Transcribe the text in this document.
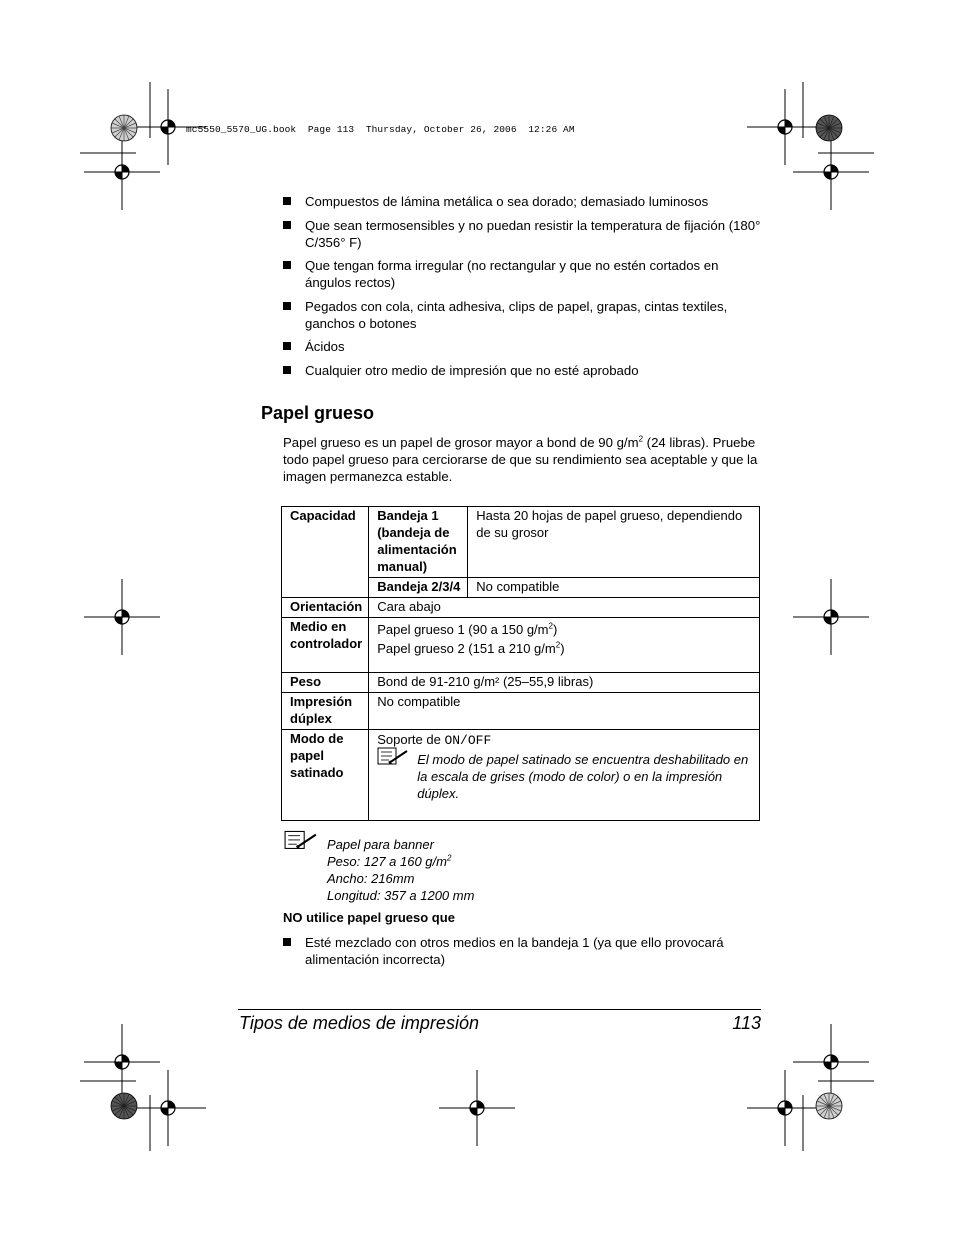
mc5550_5570_UG.book  Page 113  Thursday, October 26, 2006  12:26 AM
Compuestos de lámina metálica o sea dorado; demasiado luminosos
Que sean termosensibles y no puedan resistir la temperatura de fijación (180° C/356° F)
Que tengan forma irregular (no rectangular y que no estén cortados en ángulos rectos)
Pegados con cola, cinta adhesiva, clips de papel, grapas, cintas textiles, ganchos o botones
Ácidos
Cualquier otro medio de impresión que no esté aprobado
Papel grueso
Papel grueso es un papel de grosor mayor a bond de 90 $g/m^2$ (24 libras). Pruebe todo papel grueso para cerciorarse de que su rendimiento sea aceptable y que la imagen permanezca estable.
Capacidad	Bandeja 1 (bandeja de alimentación manual)	Hasta 20 hojas de papel grueso, dependiendo de su grosor
	Bandeja 2/3/4	No compatible
Orientación	Cara abajo	
Medio en controlador	Papel grueso 1 (90 a 150 $g/m^2$)
Papel grueso 2 (151 a 210 $g/m^2$)	

Peso	Bond de 91-210 g/m² (25–55,9 libras)	
Impresión dúplex	No compatible	
Modo de papel satinado	Soporte de ON/OFF
El modo de papel satinado se encuentra deshabilitado en la escala de grises (modo de color) o en la impresión dúplex.	
Papel para banner
Peso: 127 a 160 $g/m^2$
Ancho: 216mm
Longitud: 357 a 1200 mm
NO utilice papel grueso que
Esté mezclado con otros medios en la bandeja 1 (ya que ello provocará alimentación incorrecta)
Tipos de medios de impresión	113
